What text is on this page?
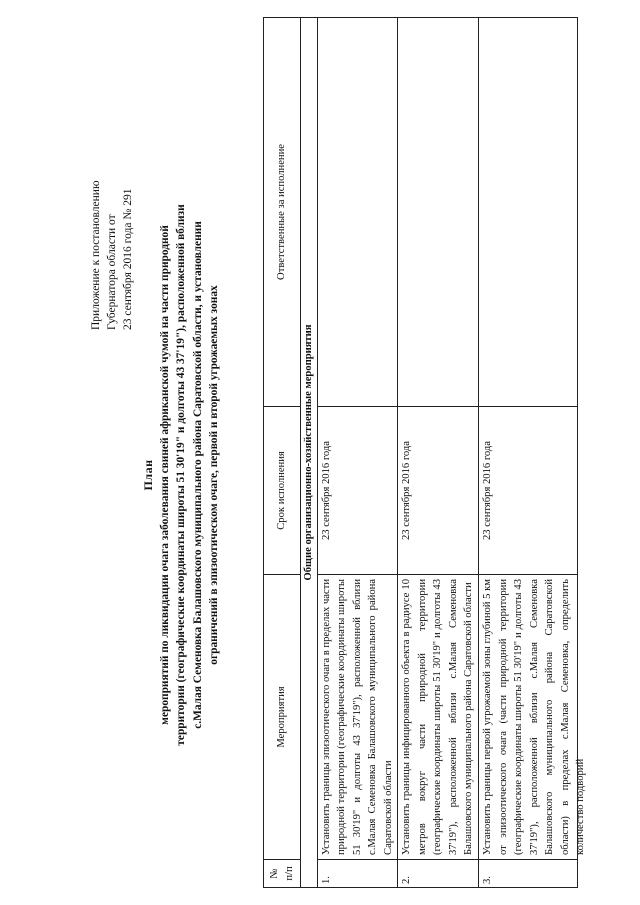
Приложение к постановлению Губернатора области от 23 сентября 2016 года № 291
План мероприятий по ликвидации очага заболевания свиней африканской чумой на части природной территории (географические координаты широты 51 30'19" и долготы 43 37'19"), расположенной вблизи с.Малая Семеновка Балашовского муниципального района Саратовской области, и установлении ограничений в эпизоотическом очаге, первой и второй угрожаемых зонах
№ п/п	Мероприятия	Срок исполнения	Ответственные за исполнение
Общие организационно-хозяйственные мероприятия			
1.	Установить границы эпизоотического очага в пределах части природной территории (географические координаты широты 51 30'19" и долготы 43 37'19"), расположенной вблизи с.Малая Семеновка Балашовского муниципального района Саратовской области	23 сентября 2016 года	
2.	Установить границы инфицированного объекта в радиусе 10 метров вокруг части природной территории (географические координаты широты 51 30'19" и долготы 43 37'19"), расположенной вблизи с.Малая Семеновка Балашовского муниципального района Саратовской области	23 сентября 2016 года	
3.	Установить границы первой угрожаемой зоны глубиной 5 км от эпизоотического очага (части природной территории (географические координаты широты 51 30'19" и долготы 43 37'19"), расположенной вблизи с.Малая Семеновка Балашовского муниципального района Саратовской области) в пределах с.Малая Семеновка, определить количество подворий	23 сентября 2016 года	
